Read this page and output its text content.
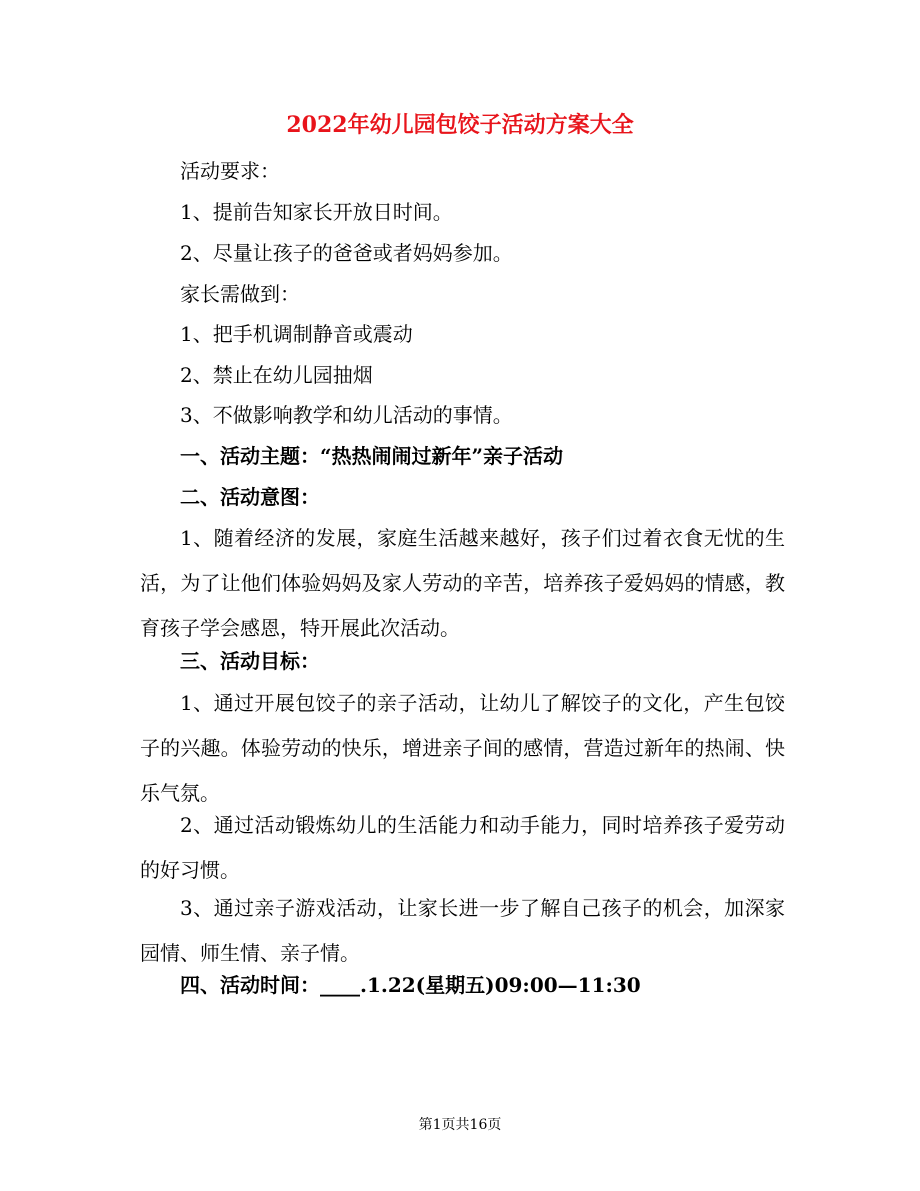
2022年幼儿园包饺子活动方案大全
活动要求：
1、提前告知家长开放日时间。
2、尽量让孩子的爸爸或者妈妈参加。
家长需做到：
1、把手机调制静音或震动
2、禁止在幼儿园抽烟
3、不做影响教学和幼儿活动的事情。
一、活动主题：“热热闹闹过新年”亲子活动
二、活动意图：
1、随着经济的发展，家庭生活越来越好，孩子们过着衣食无忧的生活，为了让他们体验妈妈及家人劳动的辛苦，培养孩子爱妈妈的情感，教育孩子学会感恩，特开展此次活动。
三、活动目标：
1、通过开展包饺子的亲子活动，让幼儿了解饺子的文化，产生包饺子的兴趣。体验劳动的快乐，增进亲子间的感情，营造过新年的热闹、快乐气氛。
2、通过活动锻炼幼儿的生活能力和动手能力，同时培养孩子爱劳动的好习惯。
3、通过亲子游戏活动，让家长进一步了解自己孩子的机会，加深家园情、师生情、亲子情。
四、活动时间：____.1.22(星期五)09:00—11:30
第1页共16页
